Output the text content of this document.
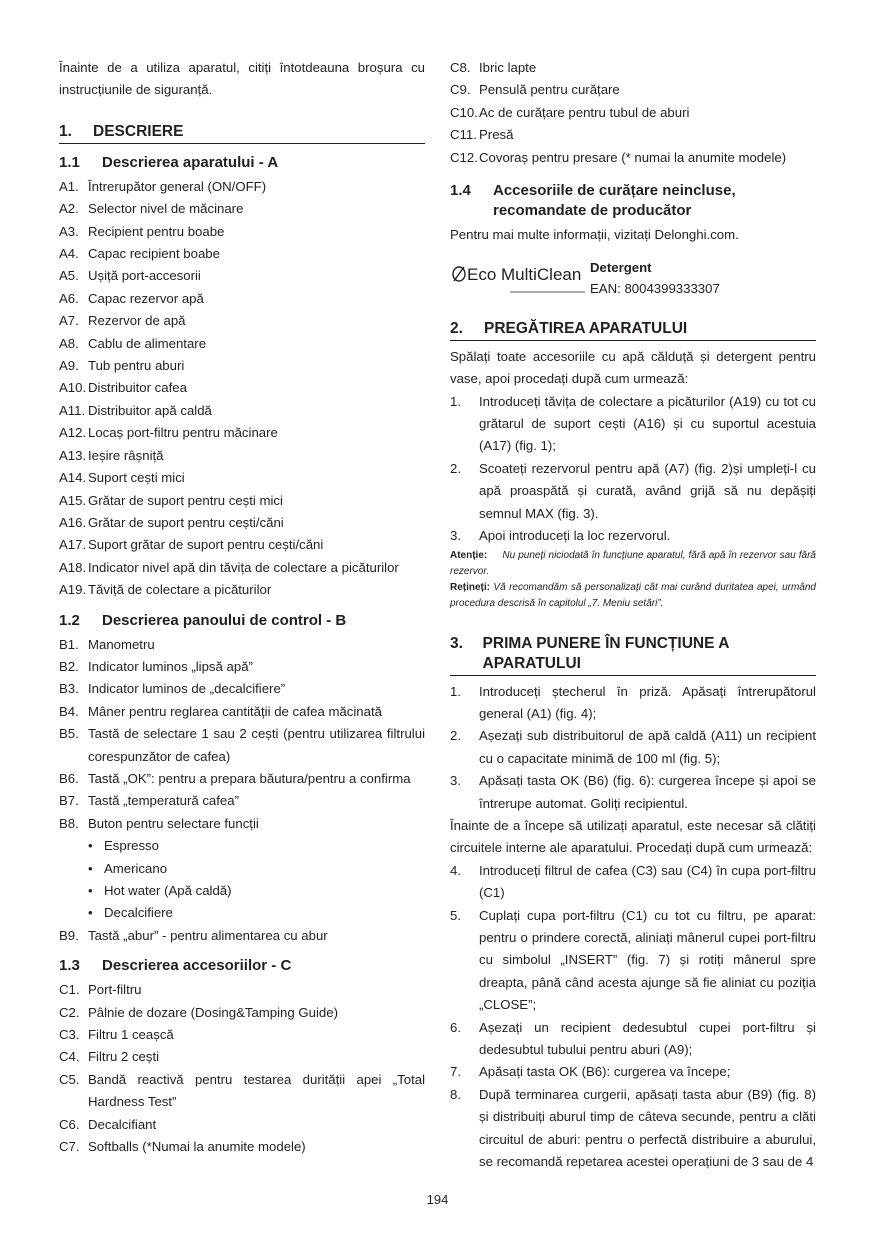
Înainte de a utiliza aparatul, citiți întotdeauna broșura cu instrucțiunile de siguranță.

1.	DESCRIERE
1.1	Descrierea aparatului - A
A1. Întrerupător general (ON/OFF)
A2. Selector nivel de măcinare
A3. Recipient pentru boabe
A4. Capac recipient boabe
A5. Ușiță port-accesorii
A6. Capac rezervor apă
A7. Rezervor de apă
A8. Cablu de alimentare
A9. Tub pentru aburi
A10. Distribuitor cafea
A11. Distribuitor apă caldă
A12. Locaș port-filtru pentru măcinare
A13. Ieșire râșniță
A14. Suport cești mici
A15. Grătar de suport pentru cești mici
A16. Grătar de suport pentru cești/căni
A17. Suport grătar de suport pentru cești/căni
A18. Indicator nivel apă din tăvița de colectare a picăturilor
A19. Tăviță de colectare a picăturilor
1.2	Descrierea panoului de control - B
B1. Manometru
B2. Indicator luminos „lipsă apă”
B3. Indicator luminos de „decalcifiere”
B4. Mâner pentru reglarea cantității de cafea măcinată
B5. Tastă de selectare 1 sau 2 cești (pentru utilizarea filtrului corespunzător de cafea)
B6. Tastă „OK”: pentru a prepara băutura/pentru a confirma
B7. Tastă „temperatură cafea”
B8. Buton pentru selectare funcții
• Espresso
• Americano
• Hot water (Apă caldă)
• Decalcifiere
B9. Tastă „abur” - pentru alimentarea cu abur
1.3	Descrierea accesoriilor - C
C1. Port-filtru
C2. Pâlnie de dozare (Dosing&Tamping Guide)
C3. Filtru 1 ceașcă
C4. Filtru 2 cești
C5. Bandă reactivă pentru testarea durității apei „Total Hardness Test”
C6. Decalcifiant
C7. Softballs (*Numai la anumite modele)
C8. Ibric lapte
C9. Pensulă pentru curățare
C10. Ac de curățare pentru tubul de aburi
C11. Presă
C12. Covoraș pentru presare (* numai la anumite modele)
1.4	Accesoriile de curățare neincluse,
recomandate de producător

Pentru mai multe informații, vizitați Delonghi.com.

Eco MultiClean Detergent
EAN: 8004399333307
2.	PREGĂTIREA APARATULUI

Spălați toate accesoriile cu apă călduță și detergent pentru vase, apoi procedați după cum urmează:

1.	Introduceți tăvița de colectare a picăturilor (A19) cu tot cu grătarul de suport cești (A16) și cu suportul acestuia (A17) (fig. 1);
2.	Scoateți rezervorul pentru apă (A7) (fig. 2)și umpleți-l cu apă proaspătă și curată, având grijă să nu depășiți semnul MAX (fig. 3).
3.	Apoi introduceți la loc rezervorul.

Atenție: Nu puneți niciodată în funcțiune aparatul, fără apă în rezervor sau fără rezervor.

Rețineți: Vă recomandăm să personalizați cât mai curând duritatea apei, urmând procedura descrisă în capitolul „7. Meniu setări”.

3.	PRIMA PUNERE ÎN FUNCȚIUNE A APARATULUI
1.	Introduceți ștecherul în priză. Apăsați întrerupătorul general (A1) (fig. 4);
2.	Așezați sub distribuitorul de apă caldă (A11) un recipient cu o capacitate minimă de 100 ml (fig. 5);
3.	Apăsați tasta OK (B6) (fig. 6): curgerea începe și apoi se întrerupe automat. Goliți recipientul.

Înainte de a începe să utilizați aparatul, este necesar să clătiți circuitele interne ale aparatului. Procedați după cum urmează:

4.	Introduceți filtrul de cafea (C3) sau (C4) în cupa port-filtru (C1)
5.	Cuplați cupa port-filtru (C1) cu tot cu filtru, pe aparat: pentru o prindere corectă, aliniați mânerul cupei port-filtru cu simbolul „INSERT” (fig. 7) și rotiți mânerul spre dreapta, până când acesta ajunge să fie aliniat cu poziția „CLOSE”;
6.	Așezați un recipient dedesubtul cupei port-filtru și dedesubtul tubului pentru aburi (A9);
7.	Apăsați tasta OK (B6): curgerea va începe;
8.	După terminarea curgerii, apăsați tasta abur (B9) (fig. 8) și distribuiți aburul timp de câteva secunde, pentru a clăti circuitul de aburi: pentru o perfectă distribuire a aburului, se recomandă repetarea acestei operațiuni de 3 sau de 4
194
